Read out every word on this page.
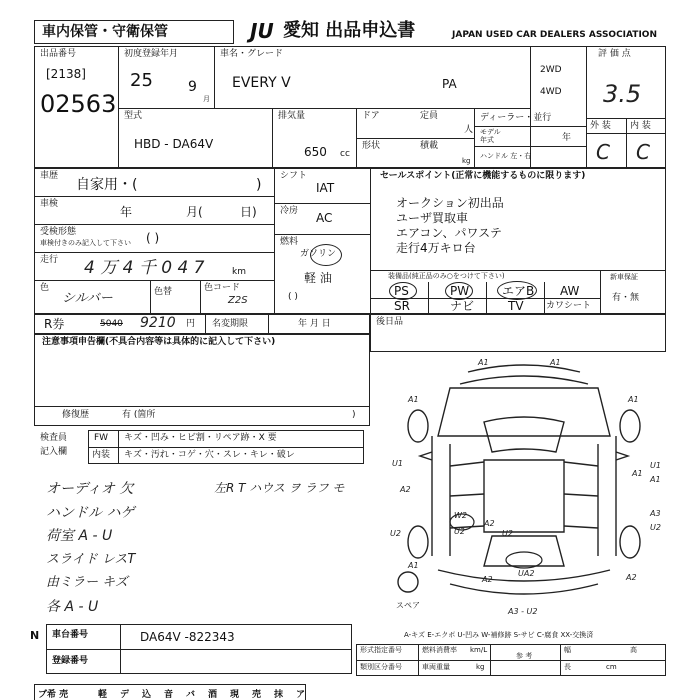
車内保管・守衛保管	JU 愛知 出品申込書	JAPAN USED CAR DEALERS ASSOCIATION
出品番号
[2138]
02563
初度登録年月
25	9
月
車名・グレード
EVERY V	PA
2WD
4WD
評 価 点
3.5
外 装 内 装
C C
型式
HBD - DA64V
排気量
650 cc
ドア	定員
人
形状	積載
kg
ディーラー・並行
モデル
年式	年
ハンドル 左・右
車歴
自家用・(	)
車検
年	月(	日)
受検形態
車検付きのみ記入して下さい ( )
走行 4 万 4 千 0 4 7	km
色
シルバー	色替	色コード
Z2S
シフト
IAT
冷房 AC
燃料
ガソリン
軽 油
( )
セールスポイント(正常に機能するものに限ります)
オークション初出品
ユーザ買取車
エアコン、パワステ
走行4万キロ台
装備品(純正品のみ○をつけて下さい)
PS	PW	エアB AW
SR	ナビ	TV カワシート
新車保証
有・無
R券	5040 9210 円 名変期限	年 月 日
注意事項申告欄(不具合内容等は具体的に記入して下さい)
修復歴	有 (箇所	)
後日品
検査員
記入欄
FW キズ・凹み・ヒビ割・リペア跡・X 要
内装 キズ・汚れ・コゲ・穴・スレ・キレ・破レ
オーディオ 欠	左R T ハウス ヲ ラフ モ
ハンドル ハゲ
荷室 A - U
スライド レスT
由ミラー キズ
各 A - U
A1	A1
A1	A1
U1	U1
A1
A2
U2
A1
A3
U2
W2
U2
A2
U2
UA2	A2
A1
A2
A3 - U2
スペア
A-キズ E-エクボ U-凹み W-補修跡 S-サビ C-腐食 XX-交換済
N 車台番号	DA64V -822343
登録番号
形式指定番号
類別区分番号
参 考
燃料消費率 km/L
車両重量	kg
幅	高
長	cm
ブ希 売	軽	デ	込	音	バ	酒	現	売	抹	ア
